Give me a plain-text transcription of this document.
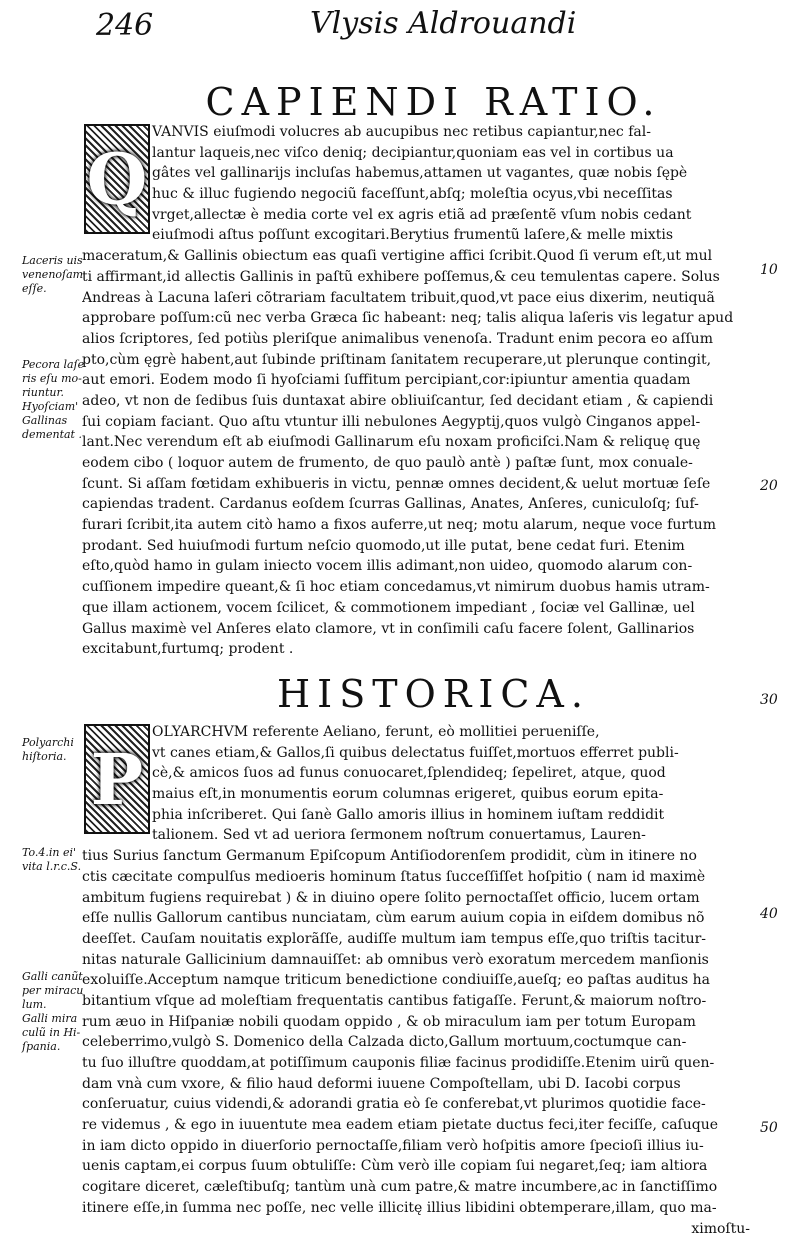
246	Vlysis Aldrouandi
CAPIENDI RATIO.
Q
VANVIS eiuſmodi volucres ab aucupibus nec retibus capiantur,nec fal-
lantur laqueis,nec viſco deniq; decipiantur,quoniam eas vel in cortibus ua
gâtes vel gallinarijs incluſas habemus,attamen ut vagantes, quæ nobis ſępè
huc & illuc fugiendo negociũ faceſſunt,abſq; moleſtia ocyus,vbi neceſſitas
vrget,allectæ è media corte vel ex agris etiã ad præſentẽ vſum nobis cedant
eiuſmodi aſtus poſſunt excogitari.Berytius frumentũ laſere,& melle mixtis
maceratum,& Gallinis obiectum eas quaſi vertigine affici ſcribit.Quod ſi verum eſt,ut mul
ti affirmant,id allectis Gallinis in paſtũ exhibere poſſemus,& ceu temulentas capere. Solus
Andreas à Lacuna laſeri cõtrariam facultatem tribuit,quod,vt pace eius dixerim, neutiquã
approbare poſſum:cũ nec verba Græca ſic habeant: neq; talis aliqua laſeris vis legatur apud
alios ſcriptores, ſed potiùs pleriſque animalibus venenoſa. Tradunt enim pecora eo aſſum
pto,cùm ęgrè habent,aut ſubinde priſtinam ſanitatem recuperare,ut plerunque contingit,
aut emori. Eodem modo ſi hyoſciami ſuffitum percipiant,cor:ipiuntur amentia quadam
adeo, vt non de ſedibus ſuis duntaxat abire obliuiſcantur, ſed decidant etiam , & capiendi
ſui copiam faciant. Quo aſtu vtuntur illi nebulones Aegyptij,quos vulgò Cinganos appel-
lant.Nec verendum eſt ab eiuſmodi Gallinarum eſu noxam proficiſci.Nam & reliquę quę
eodem cibo ( loquor autem de frumento, de quo paulò antè ) paſtæ ſunt, mox conuale-
ſcunt. Si aſſam fœtidam exhibueris in victu, pennæ omnes decident,& uelut mortuæ ſeſe
capiendas tradent. Cardanus eoſdem ſcurras Gallinas, Anates, Anſeres, cuniculoſq; ſuf-
furari ſcribit,ita autem citò hamo a fixos auferre,ut neq; motu alarum, neque voce furtum
prodant. Sed huiuſmodi furtum neſcio quomodo,ut ille putat, bene cedat furi. Etenim
eſto,quòd hamo in gulam iniecto vocem illis adimant,non uideo, quomodo alarum con-
cuſſionem impedire queant,& ſi hoc etiam concedamus,vt nimirum duobus hamis utram-
que illam actionem, vocem ſcilicet, & commotionem impediant , ſociæ vel Gallinæ, uel
Gallus maximè vel Anſeres elato clamore, vt in conſimili caſu facere ſolent, Gallinarios
excitabunt,furtumq; prodent .
HISTORICA.
P
OLYARCHVM referente Aeliano, ferunt, eò mollitiei perueniſſe,
vt canes etiam,& Gallos,ſi quibus delectatus fuiſſet,mortuos efferret publi-
cè,& amicos ſuos ad funus conuocaret,ſplendideq; ſepeliret, atque, quod
maius eſt,in monumentis eorum columnas erigeret, quibus eorum epita-
phia inſcriberet. Qui ſanè Gallo amoris illius in hominem iuſtam reddidit
talionem. Sed vt ad ueriora ſermonem noſtrum conuertamus, Lauren-
tius Surius ſanctum Germanum Epiſcopum Antiſiodorenſem prodidit, cùm in itinere no
ctis cæcitate compulſus medioeris hominum ſtatus ſucceſſiſſet hoſpitio ( nam id maximè
ambitum fugiens requirebat ) & in diuino opere ſolito pernoctaſſet officio, lucem ortam
eſſe nullis Gallorum cantibus nunciatam, cùm earum auium copia in eiſdem domibus nõ
deeſſet. Cauſam nouitatis explorãſſe, audiſſe multum iam tempus eſſe,quo triſtis tacitur-
nitas naturale Gallicinium damnauiſſet: ab omnibus verò exoratum mercedem manſionis
exoluiſſe.Acceptum namque triticum benedictione condiuiſſe,aueſq; eo paſtas auditus ha
bitantium vſque ad moleſtiam frequentatis cantibus fatigaſſe. Ferunt,& maiorum noſtro-
rum æuo in Hiſpaniæ nobili quodam oppido , & ob miraculum iam per totum Europam
celeberrimo,vulgò S. Domenico della Calzada dicto,Gallum mortuum,coctumque can-
tu ſuo illuſtre quoddam,at potiſſimum cauponis filiæ facinus prodidiſſe.Etenim uirũ quen-
dam vnà cum vxore, & filio haud deformi iuuene Compoſtellam, ubi D. Iacobi corpus
conſeruatur, cuius videndi,& adorandi gratia eò ſe conferebat,vt plurimos quotidie face-
re videmus , & ego in iuuentute mea eadem etiam pietate ductus feci,iter feciſſe, caſuque
in iam dicto oppido in diuerſorio pernoctaſſe,filiam verò hoſpitis amore ſpecioſi illius iu-
uenis captam,ei corpus ſuum obtuliſſe: Cùm verò ille copiam ſui negaret,ſeq; iam altiora
cogitare diceret, cæleſtibuſq; tantùm unà cum patre,& matre incumbere,ac in ſanctiſſimo
itinere eſſe,in ſumma nec poſſe, nec velle illicitę illius libidini obtemperare,illam, quo ma-
ximoſtu-
Laceris uis
venenoſam
eſſe.
Pecora laſe
ris eſu mo-
riuntur.
Hyoſciam'
Gallinas
dementat .
Polyarchi
hiſtoria.
To.4.in ei'
vita l.r.c.S.
Galli canũt
per miracu
lum.
Galli mira
culũ in Hi-
ſpania.
10
20
30
40
50
